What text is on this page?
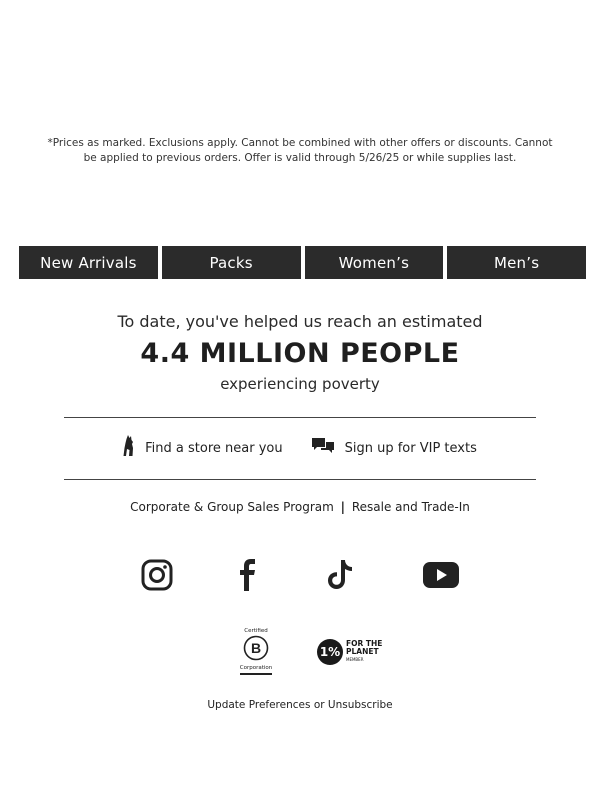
*Prices as marked. Exclusions apply. Cannot be combined with other offers or discounts. Cannot be applied to previous orders. Offer is valid through 5/26/25 or while supplies last.
New Arrivals	Packs	Women’s	Men’s
To date, you've helped us reach an estimated
4.4 MILLION PEOPLE
experiencing poverty
Find a store near you	Sign up for VIP texts
Corporate & Group Sales Program | Resale and Trade-In
Certified
B
Corporation
1%
FOR THE
PLANET
MEMBER
Update Preferences or Unsubscribe
